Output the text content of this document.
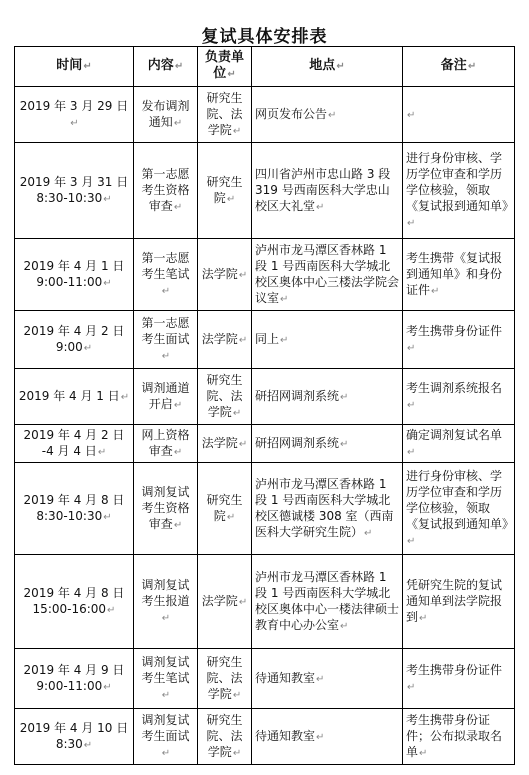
复试具体安排表
时间↵	内容↵	负责单位↵	地点↵	备注↵
2019 年 3 月 29 日↵	发布调剂通知↵	研究生院、法学院↵	网页发布公告↵	↵
2019 年 3 月 31 日 8:30-10:30↵	第一志愿考生资格审查↵	研究生院↵	四川省泸州市忠山路 3 段 319 号西南医科大学忠山校区大礼堂↵	进行身份审核、学历学位审查和学历学位核验，领取《复试报到通知单》↵
2019 年 4 月 1 日 9:00-11:00↵	第一志愿考生笔试↵	法学院↵	泸州市龙马潭区香林路 1 段 1 号西南医科大学城北校区奥体中心三楼法学院会议室↵	考生携带《复试报到通知单》和身份证件↵
2019 年 4 月 2 日 9:00↵	第一志愿考生面试↵	法学院↵	同上↵	考生携带身份证件↵
2019 年 4 月 1 日↵	调剂通道开启↵	研究生院、法学院↵	研招网调剂系统↵	考生调剂系统报名↵
2019 年 4 月 2 日 -4 月 4 日↵	网上资格审查↵	法学院↵	研招网调剂系统↵	确定调剂复试名单↵
2019 年 4 月 8 日 8:30-10:30↵	调剂复试考生资格审查↵	研究生院↵	泸州市龙马潭区香林路 1 段 1 号西南医科大学城北校区德诚楼 308 室（西南医科大学研究生院）↵	进行身份审核、学历学位审查和学历学位核验，领取《复试报到通知单》↵
2019 年 4 月 8 日 15:00-16:00↵	调剂复试考生报道↵	法学院↵	泸州市龙马潭区香林路 1 段 1 号西南医科大学城北校区奥体中心一楼法律硕士教育中心办公室↵	凭研究生院的复试通知单到法学院报到↵
2019 年 4 月 9 日 9:00-11:00↵	调剂复试考生笔试↵	研究生院、法学院↵	待通知教室↵	考生携带身份证件↵
2019 年 4 月 10 日 8:30↵	调剂复试考生面试↵	研究生院、法学院↵	待通知教室↵	考生携带身份证件；公布拟录取名单↵
